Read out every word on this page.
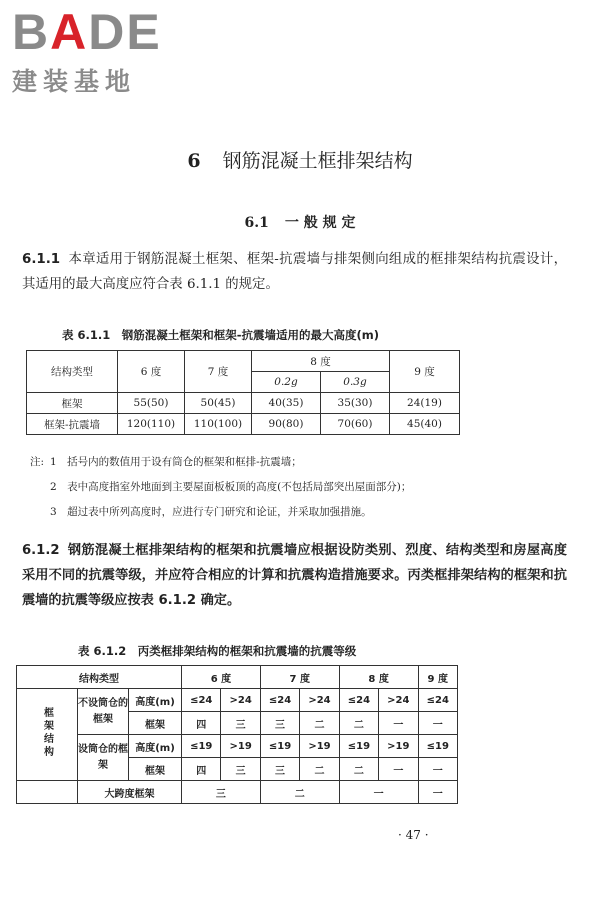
BADE
建装基地
6 钢筋混凝土框排架结构
6.1 一 般 规 定
6.1.1 本章适用于钢筋混凝土框架、框架-抗震墙与排架侧向组成的框排架结构抗震设计，其适用的最大高度应符合表 6.1.1 的规定。
表 6.1.1　钢筋混凝土框架和框架-抗震墙适用的最大高度(m)
结构类型	6 度	7 度	8 度		9 度
			0.2g	0.3g	
框架	55(50)	50(45)	40(35)	35(30)	24(19)
框架-抗震墙	120(110)	110(100)	90(80)	70(60)	45(40)
注: 1　括号内的数值用于设有筒仓的框架和框排-抗震墙；
2　表中高度指室外地面到主要屋面板板顶的高度(不包括局部突出屋面部分)；
3　超过表中所列高度时，应进行专门研究和论证，并采取加强措施。
6.1.2 钢筋混凝土框排架结构的框架和抗震墙应根据设防类别、烈度、结构类型和房屋高度采用不同的抗震等级，并应符合相应的计算和抗震构造措施要求。丙类框排架结构的框架和抗震墙的抗震等级应按表 6.1.2 确定。
表 6.1.2　丙类框排架结构的框架和抗震墙的抗震等级
结构类型			6 度		7 度		8 度		9 度
框架结构	不设筒仓的框架	高度(m)	≤24	>24	≤24	>24	≤24	>24	≤24
		框架	四	三	三	二	二	一	一
	设筒仓的框架	高度(m)	≤19	>19	≤19	>19	≤19	>19	≤19
		框架	四	三	三	二	二	一	一
	大跨度框架		三		二		一		一
· 47 ·
